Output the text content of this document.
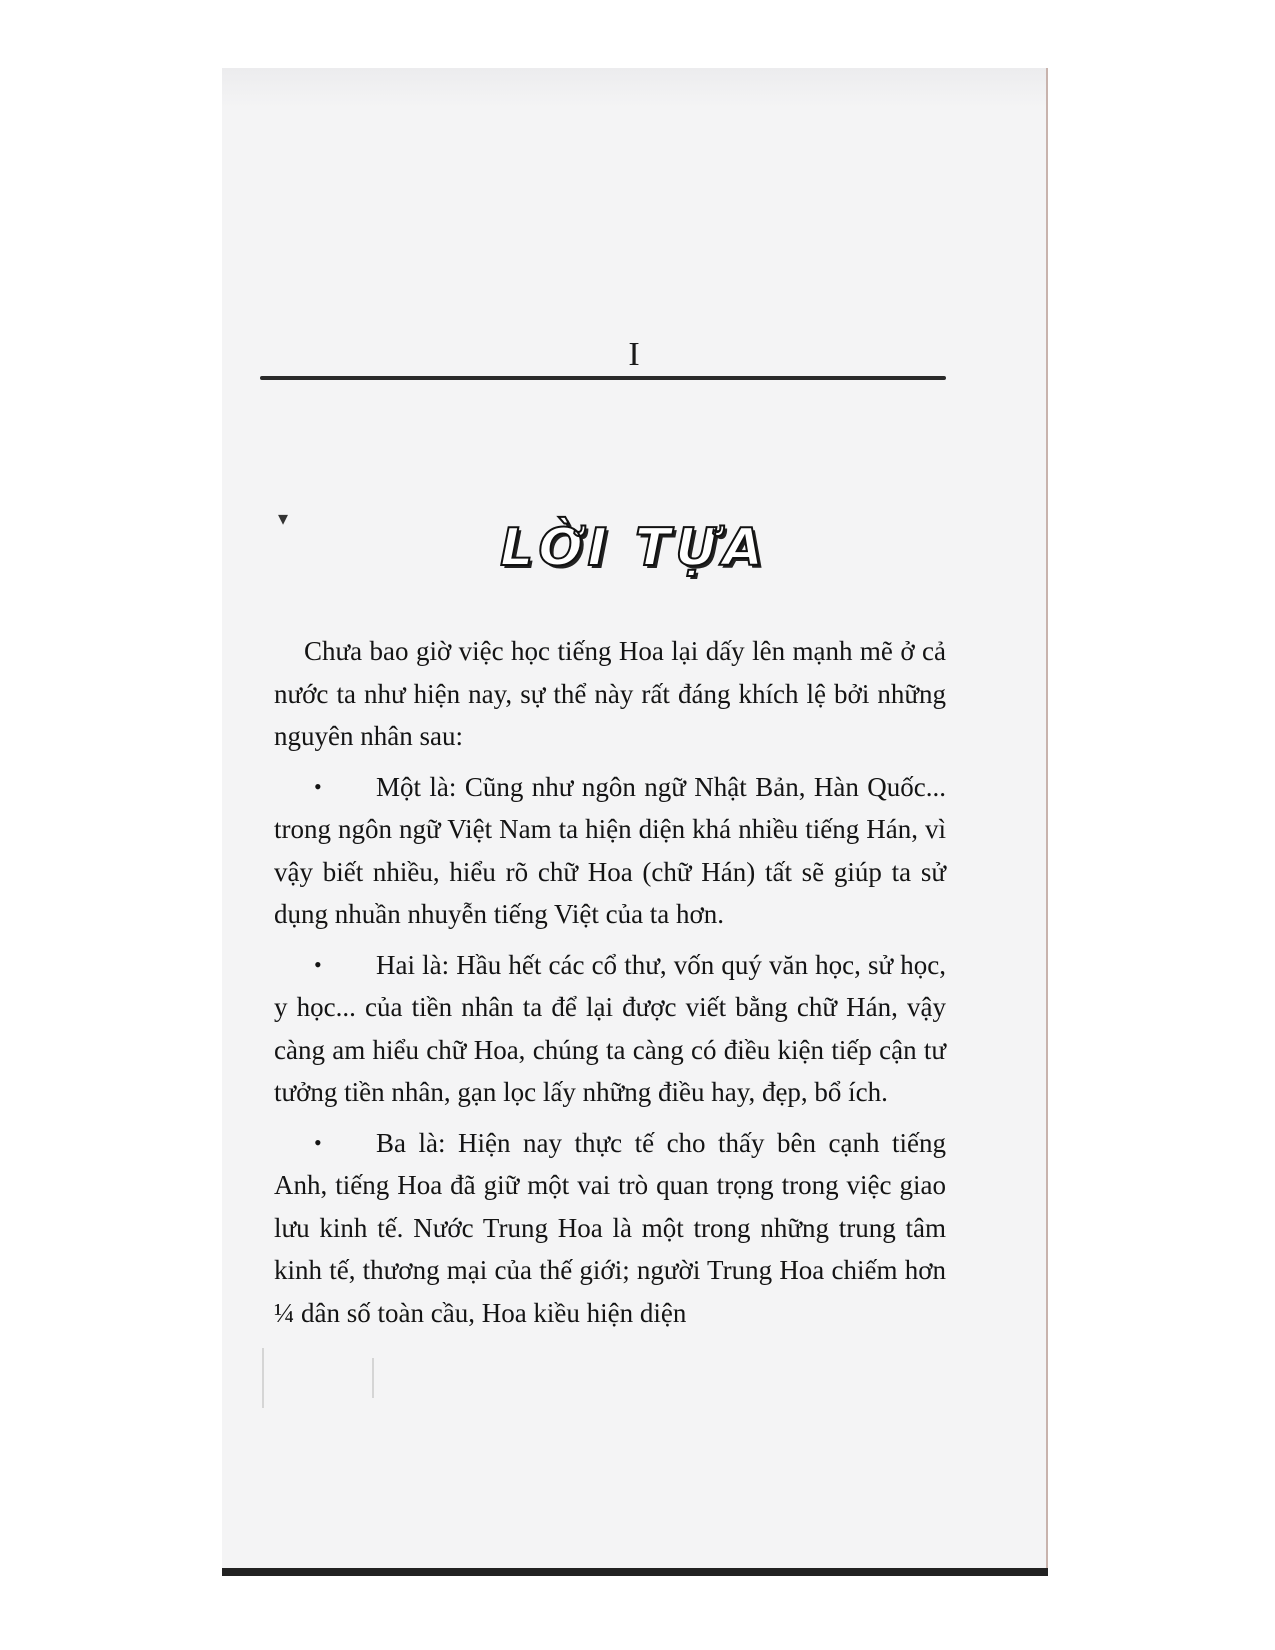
I
▾	LỜI TỰA

Chưa bao giờ việc học tiếng Hoa lại dấy lên mạnh mẽ ở cả nước ta như hiện nay, sự thể này rất đáng khích lệ bởi những nguyên nhân sau:

• Một là: Cũng như ngôn ngữ Nhật Bản, Hàn Quốc... trong ngôn ngữ Việt Nam ta hiện diện khá nhiều tiếng Hán, vì vậy biết nhiều, hiểu rõ chữ Hoa (chữ Hán) tất sẽ giúp ta sử dụng nhuần nhuyễn tiếng Việt của ta hơn.

• Hai là: Hầu hết các cổ thư, vốn quý văn học, sử học, y học... của tiền nhân ta để lại được viết bằng chữ Hán, vậy càng am hiểu chữ Hoa, chúng ta càng có điều kiện tiếp cận tư tưởng tiền nhân, gạn lọc lấy những điều hay, đẹp, bổ ích.

• Ba là: Hiện nay thực tế cho thấy bên cạnh tiếng Anh, tiếng Hoa đã giữ một vai trò quan trọng trong việc giao lưu kinh tế. Nước Trung Hoa là một trong những trung tâm kinh tế, thương mại của thế giới; người Trung Hoa chiếm hơn ¼ dân số toàn cầu, Hoa kiều hiện diện
